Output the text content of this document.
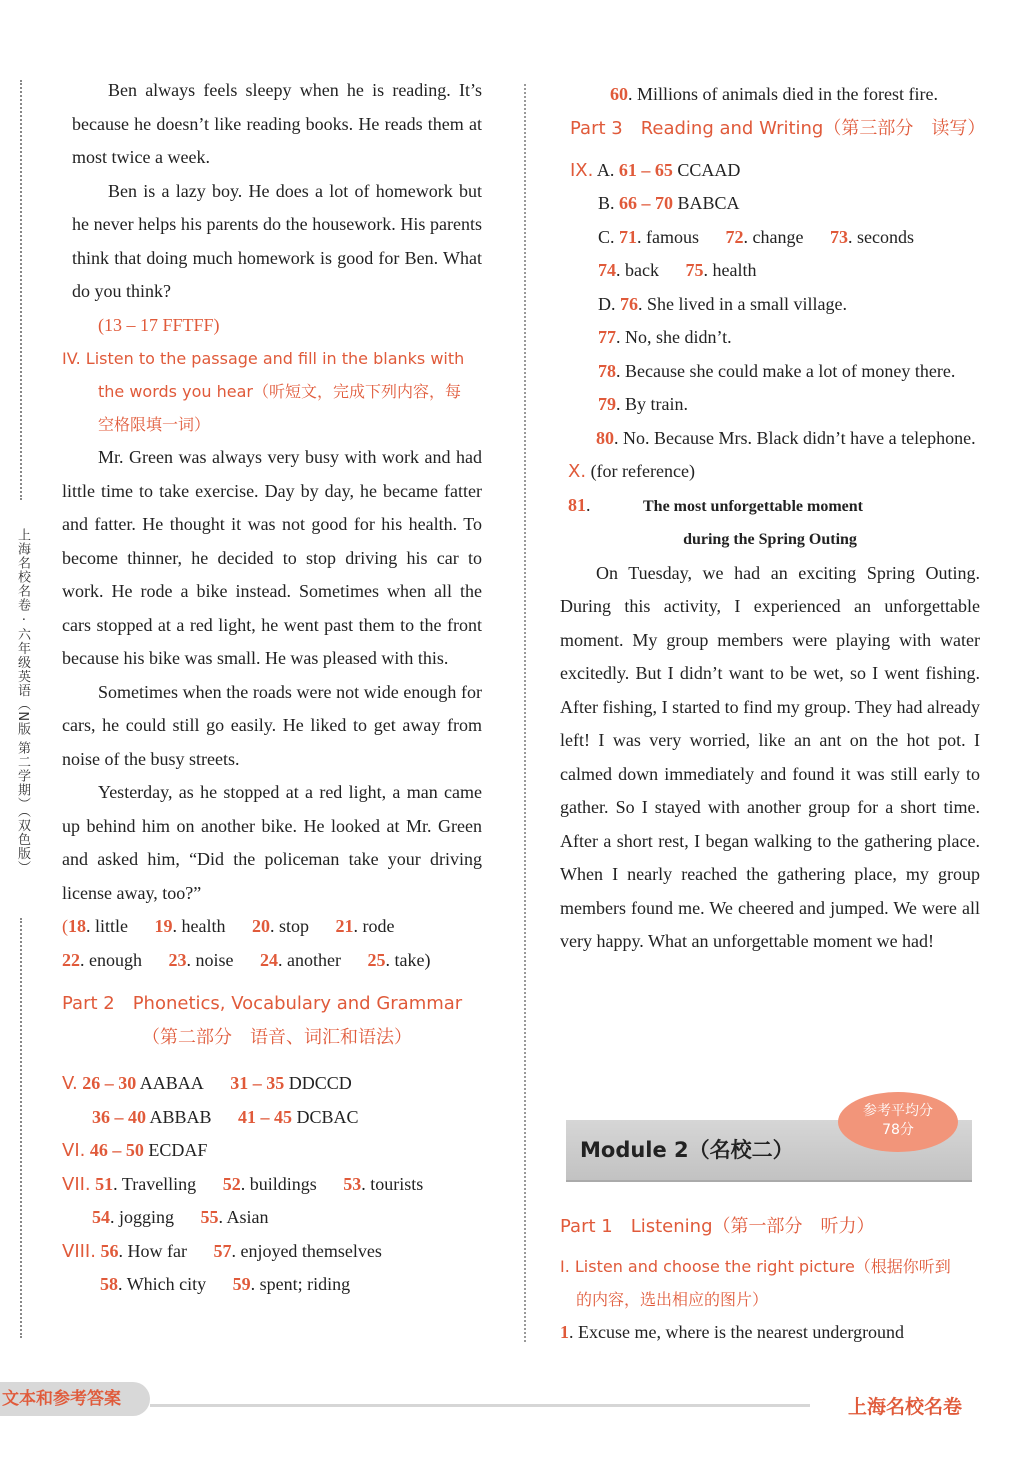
上海名校名卷 · 六年级英语（N版 第二学期）（双色版）

Ben always feels sleepy when he is reading. It’s because he doesn’t like reading books. He reads them at most twice a week.

Ben is a lazy boy. He does a lot of homework but he never helps his parents do the housework. His parents think that doing much homework is good for Ben. What do you think?

(13 – 17 FFTFF)

IV. Listen to the passage and fill in the blanks with
the words you hear（听短文，完成下列内容，每
空格限填一词）

Mr. Green was always very busy with work and had little time to take exercise. Day by day, he became fatter and fatter. He thought it was not good for his health. To become thinner, he decided to stop driving his car to work. He rode a bike instead. Sometimes when all the cars stopped at a red light, he went past them to the front because his bike was small. He was pleased with this.

Sometimes when the roads were not wide enough for cars, he could still go easily. He liked to get away from noise of the busy streets.

Yesterday, as he stopped at a red light, a man came up behind him on another bike. He looked at Mr. Green and asked him, “Did the policeman take your driving license away, too?”

(18. little 19. health 20. stop 21. rode
22. enough 23. noise 24. another 25. take)
Part 2　Phonetics, Vocabulary and Grammar
（第二部分　语音、词汇和语法）
V. 26 – 30 AABAA 31 – 35 DDCCD
36 – 40 ABBAB 41 – 45 DCBAC
VI. 46 – 50 ECDAF
VII. 51. Travelling 52. buildings 53. tourists
54. jogging 55. Asian
VIII. 56. How far 57. enjoyed themselves
58. Which city 59. spent; riding
60. Millions of animals died in the forest fire.
Part 3　Reading and Writing（第三部分　读写）
IX. A. 61 – 65 CCAAD
B. 66 – 70 BABCA
C. 71. famous 72. change 73. seconds
74. back 75. health
D. 76. She lived in a small village.
77. No, she didn’t.
78. Because she could make a lot of money there.
79. By train.
80. No. Because Mrs. Black didn’t have a telephone.
X. (for reference)
81.	The most unforgettable moment
during the Spring Outing

On Tuesday, we had an exciting Spring Outing. During this activity, I experienced an unforgettable moment. My group members were playing with water excitedly. But I didn’t want to be wet, so I went fishing. After fishing, I started to find my group. They had already left! I was very worried, like an ant on the hot pot. I calmed down immediately and found it was still early to gather. So I stayed with another group for a short time. After a short rest, I began walking to the gathering place. When I nearly reached the gathering place, my group members found me. We cheered and jumped. We were all very happy. What an unforgettable moment we had!

Module 2（名校二）
参考平均分
78分
Part 1　Listening（第一部分　听力）
I. Listen and choose the right picture（根据你听到
的内容，选出相应的图片）
1. Excuse me, where is the nearest underground
文本和参考答案	上海名校名卷
